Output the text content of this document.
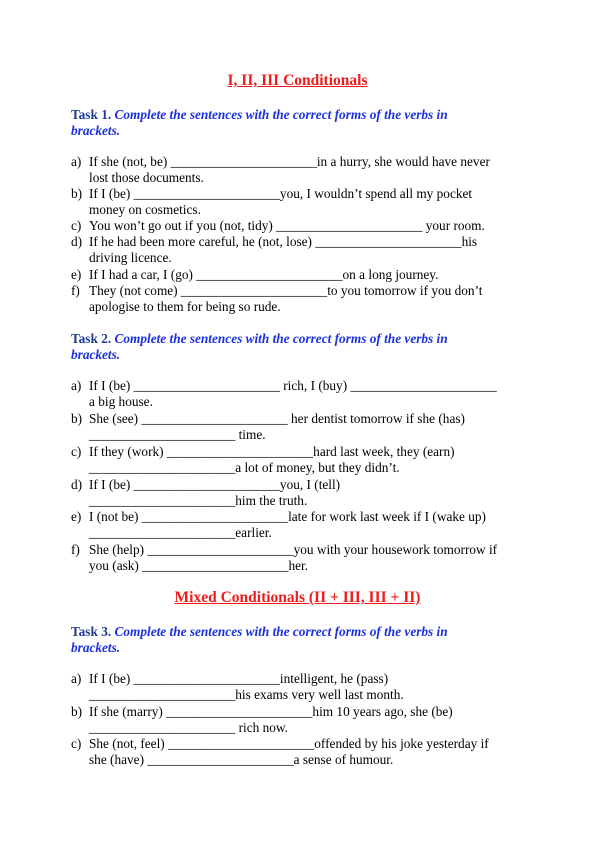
I, II, III Conditionals
Task 1. Complete the sentences with the correct forms of the verbs in
brackets.
a) If she (not, be) ______________________in a hurry, she would have never
lost those documents.
b) If I (be) ______________________you, I wouldn’t spend all my pocket
money on cosmetics.
c) You won’t go out if you (not, tidy) ______________________ your room.
d) If he had been more careful, he (not, lose) ______________________his
driving licence.
e) If I had a car, I (go) ______________________on a long journey.
f) They (not come) ______________________to you tomorrow if you don’t
apologise to them for being so rude.
Task 2. Complete the sentences with the correct forms of the verbs in
brackets.
a) If I (be) ______________________ rich, I (buy) ______________________
a big house.
b) She (see) ______________________ her dentist tomorrow if she (has)
______________________ time.
c) If they (work) ______________________hard last week, they (earn)
______________________a lot of money, but they didn’t.
d) If I (be) ______________________you, I (tell)
______________________him the truth.
e) I (not be) ______________________late for work last week if I (wake up)
______________________earlier.
f) She (help) ______________________you with your housework tomorrow if
you (ask) ______________________her.
Mixed Conditionals (II + III, III + II)
Task 3. Complete the sentences with the correct forms of the verbs in
brackets.
a) If I (be) ______________________intelligent, he (pass)
______________________his exams very well last month.
b) If she (marry) ______________________him 10 years ago, she (be)
______________________ rich now.
c) She (not, feel) ______________________offended by his joke yesterday if
she (have) ______________________a sense of humour.
